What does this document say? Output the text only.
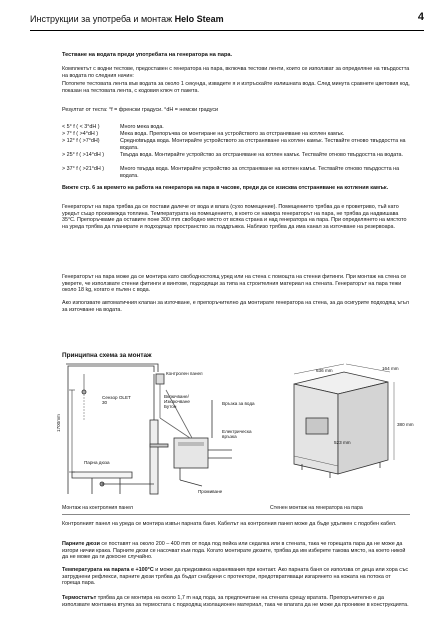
Инструкции за употреба и монтаж Helo Steam	4
Тестване на водата преди употребата на генератора на пара.
Комплектът с водни тестове, предоставен с генератора на пара, включва тестови ленти, които се използват за определяне на твърдостта на водата по следния начин:
Потопете тестовата лента във водата за около 1 секунда, извадете я и изтръскайте излишната вода. След минута сравнете цветовия код, показан на тестовата лента, с кодовия ключ от пакета.
Резултат от теста: °f = френски градуси. °dH = немски градуси
< 5° f ( < 3°dH )	Много мека вода.
> 7° f ( >4°dH )	Мека вода. Препоръчва се монтиране на устройството за отстраняване на котлен камък.
> 12° f ( >7°dH)	Средноtвърда вода. Монтирайте устройството за отстраняване на котлен камък. Тествайте отново твърдостта на водата.
> 25° f ( >14°dH )	Твърда вода. Монтирайте устройство за отстраняване на котлен камък. Тествайте отново твърдостта на водата.
> 37° f ( >21°dH )	Много твърда вода. Монтирайте устройство за отстраняване на котлен камък. Тествайте отново твърдостта на водата.
Вижте стр. 6 за времето на работа на генератора на пара в часове, преди да се изисква отстраняване на котления камък.
Генераторът на пара трябва да се постави далече от вода и влага (сухо помещение). Помещението трябва да е проветриво, тъй като уредът също произвежда топлина. Температурата на помещението, в което се намира генераторът на пара, не трябва да надвишава 35°C. Препоръчваме да оставите поне 300 mm свободно място от всяка страна и над генератора на пара. При определянето на мястото на уреда трябва да планирате и подходящо пространство за поддръжка. Наблизо трябва да има канал за източване на резервоара.
Генераторът на пара може да се монтира като свободностоящ уред или на стена с помощта на стенни фитинги. При монтаж на стена се уверете, че използвате стенни фитинги и винтове, подходящи за типа на строителния материал на стената. Генераторът на пара тежи около 18 kg, когато е пълен с вода.
Ако използвате автоматичния клапан за източване, е препоръчително да монтирате генератора на стена, за да осигурите подходящ ъгъл за източване на водата.
Принципна схема за монтаж
Контролен панел
Сензор OLET 30
Включване/ Изключване Бутон
Връзка за вода
Електрическа връзка
Парна дюза
Промиване
1700mm
636 mm	164 mm
380 mm
523 mm
Монтаж на контролния панел	Стенен монтаж на генератора на пара
Контролният панел на уреда се монтира извън парната баня. Кабелът на контролния панел може да бъде удължен с подобен кабел.
Парните дюзи се поставят на около 200 – 400 mm от пода под пейка или седалка или в стената, така че горещата пара да не може да изгори ничии крака. Парните дюзи се насочват към пода. Когато монтирате дюзите, трябва да им изберете такова място, на което никой да не може да ги докосне случайно.
Температурата на парата е +100°C и може да предизвика наранявания при контакт. Ако парната баня се използва от деца или хора със затруднени рефлекси, парните дюзи трябва да бъдат снабдени с протектори, предотвратяващи изгарянето на кожата на потока от гореща пара.
Термостатът трябва да се монтира на около 1,7 m над пода, за предпочитане на стената срещу вратата. Препоръчително е да използвате монтажна втулка за термостата с подходящ изолационен материал, така че влагата да не може да проникне в конструкцията.
